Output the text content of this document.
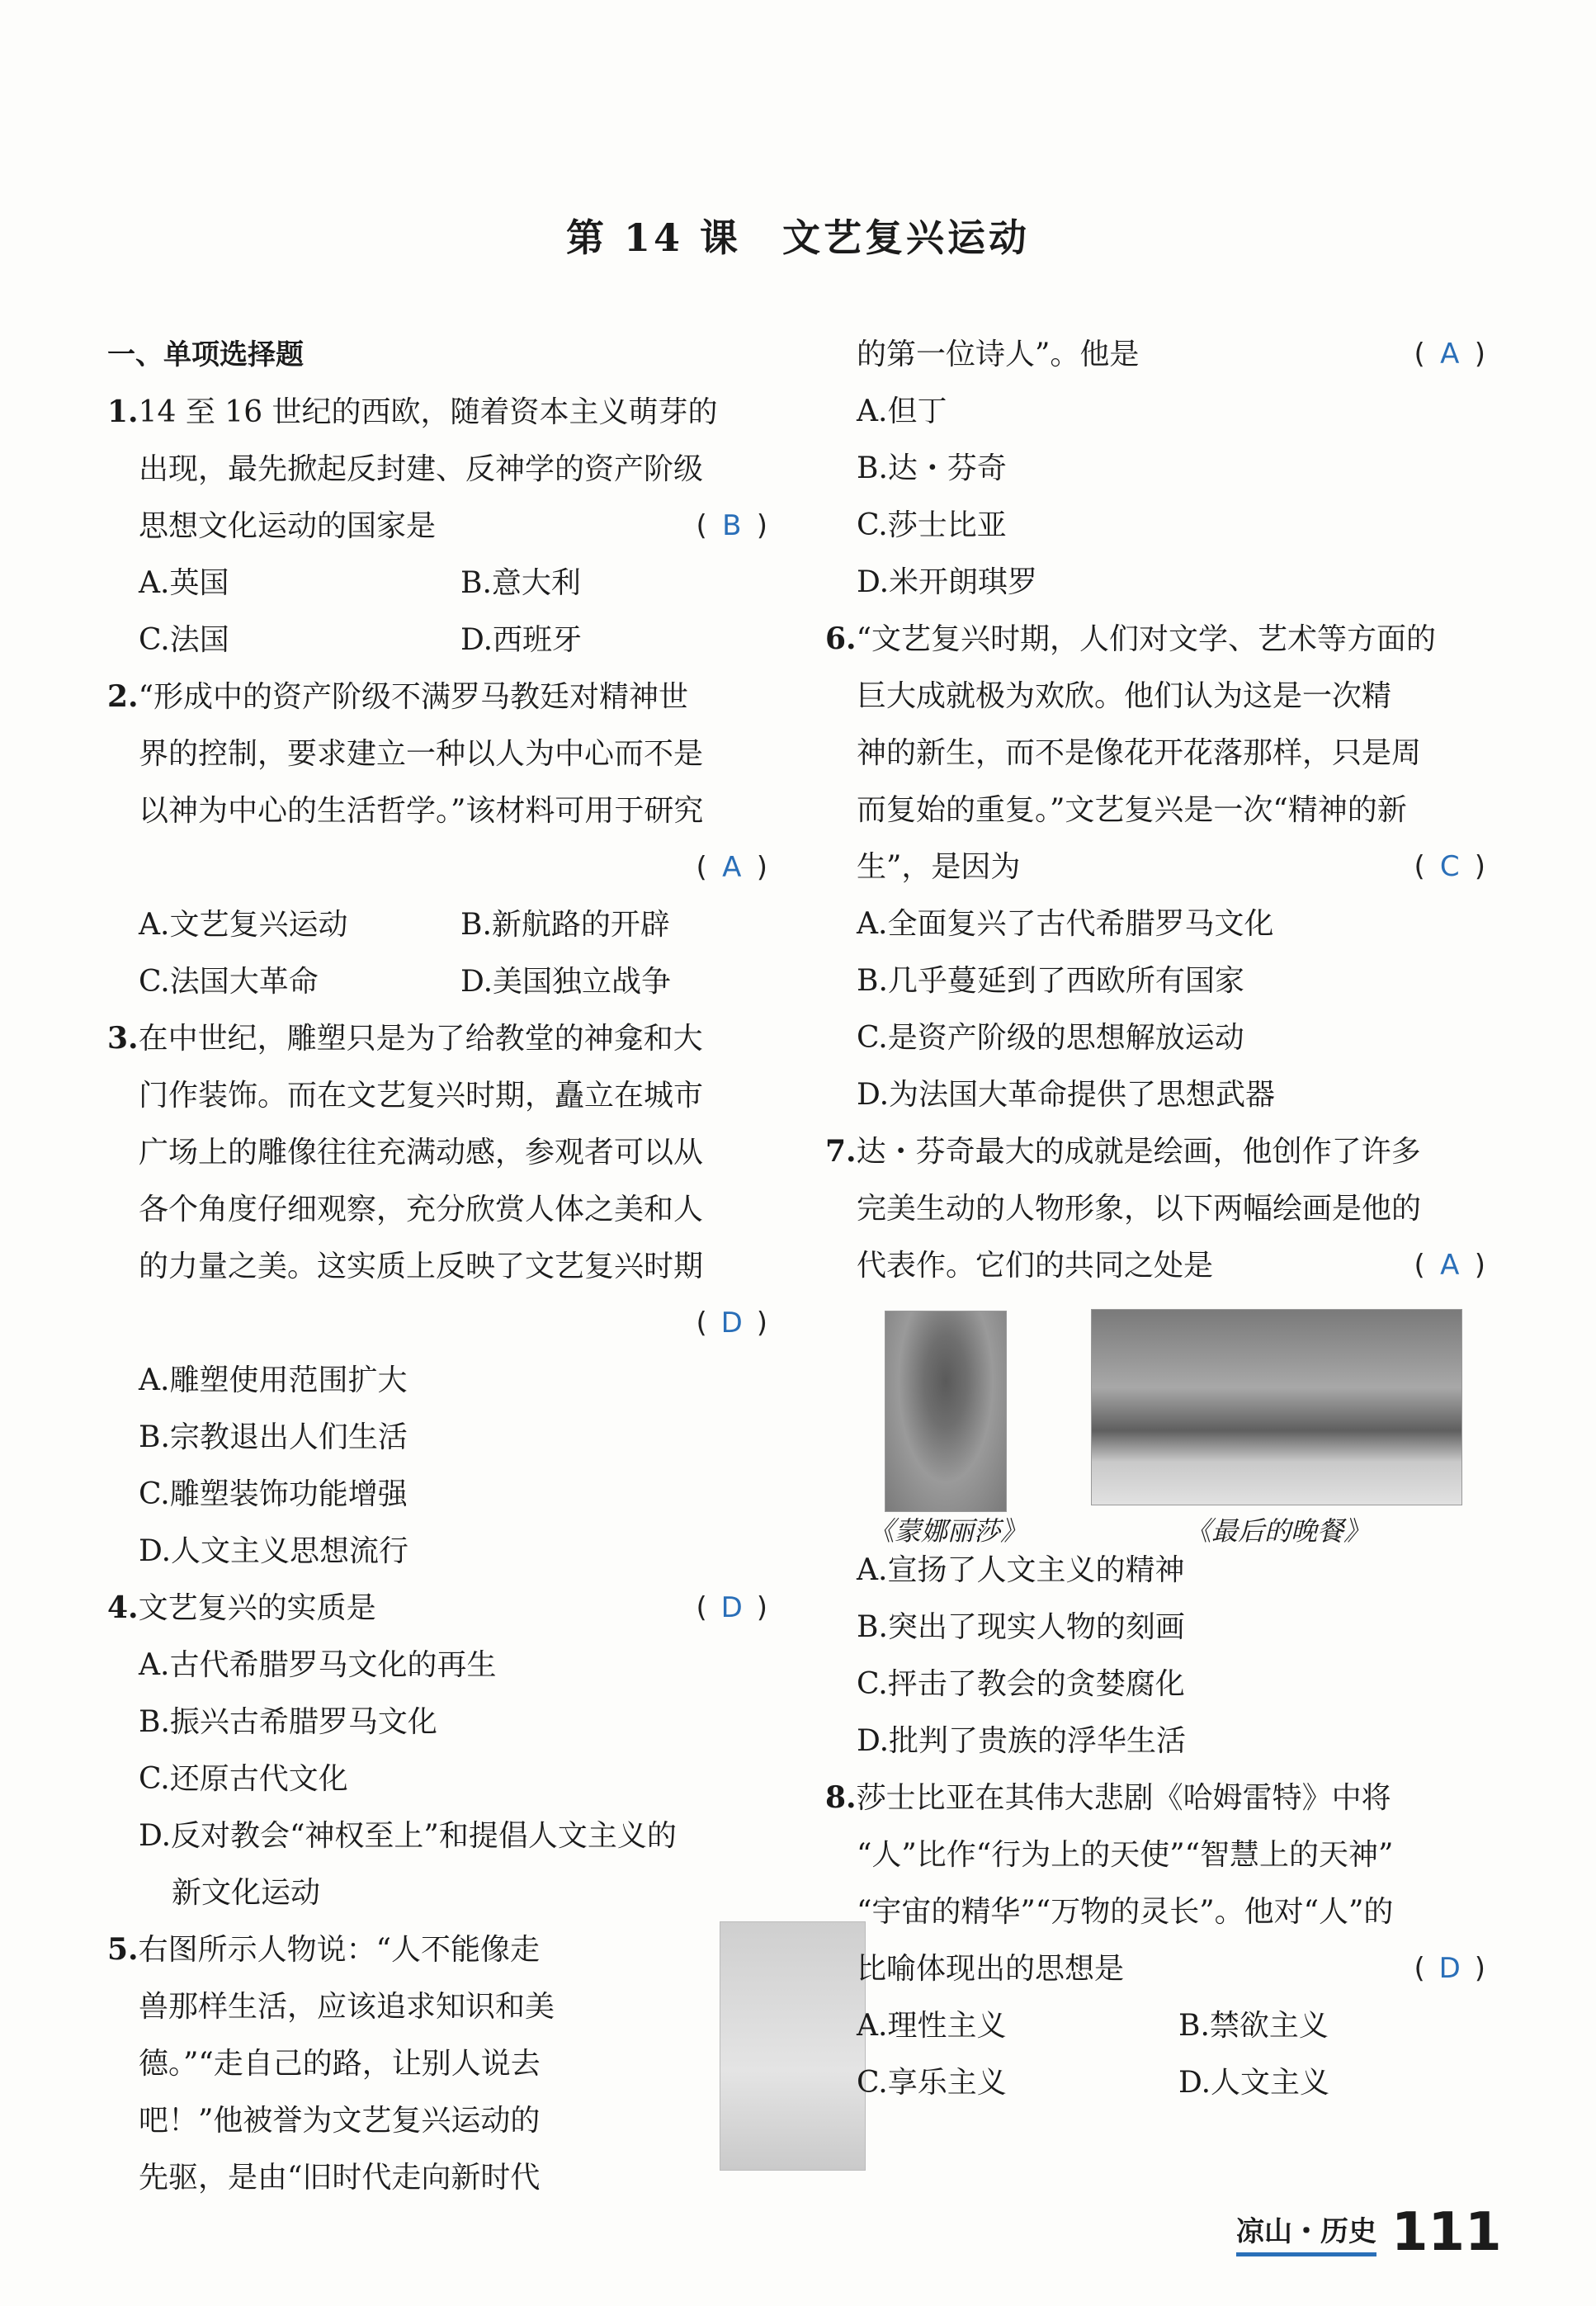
第 14 课　文艺复兴运动
一、单项选择题
1.14 至 16 世纪的西欧，随着资本主义萌芽的
出现，最先掀起反封建、反神学的资产阶级
思想文化运动的国家是	( B )
A.英国	B.意大利
C.法国	D.西班牙
2.“形成中的资产阶级不满罗马教廷对精神世
界的控制，要求建立一种以人为中心而不是
以神为中心的生活哲学。”该材料可用于研究
( A )
A.文艺复兴运动	B.新航路的开辟
C.法国大革命	D.美国独立战争
3.在中世纪，雕塑只是为了给教堂的神龛和大
门作装饰。而在文艺复兴时期，矗立在城市
广场上的雕像往往充满动感，参观者可以从
各个角度仔细观察，充分欣赏人体之美和人
的力量之美。这实质上反映了文艺复兴时期
( D )
A.雕塑使用范围扩大
B.宗教退出人们生活
C.雕塑装饰功能增强
D.人文主义思想流行
4.文艺复兴的实质是	( D )
A.古代希腊罗马文化的再生
B.振兴古希腊罗马文化
C.还原古代文化
D.反对教会“神权至上”和提倡人文主义的
新文化运动
5.右图所示人物说：“人不能像走
兽那样生活，应该追求知识和美
德。”“走自己的路，让别人说去
吧！”他被誉为文艺复兴运动的
先驱，是由“旧时代走向新时代
的第一位诗人”。他是	( A )
A.但丁
B.达・芬奇
C.莎士比亚
D.米开朗琪罗
6.“文艺复兴时期，人们对文学、艺术等方面的
巨大成就极为欢欣。他们认为这是一次精
神的新生，而不是像花开花落那样，只是周
而复始的重复。”文艺复兴是一次“精神的新
生”，是因为	( C )
A.全面复兴了古代希腊罗马文化
B.几乎蔓延到了西欧所有国家
C.是资产阶级的思想解放运动
D.为法国大革命提供了思想武器
7.达・芬奇最大的成就是绘画，他创作了许多
完美生动的人物形象，以下两幅绘画是他的
代表作。它们的共同之处是	( A )
《蒙娜丽莎》	《最后的晚餐》
A.宣扬了人文主义的精神
B.突出了现实人物的刻画
C.抨击了教会的贪婪腐化
D.批判了贵族的浮华生活
8.莎士比亚在其伟大悲剧《哈姆雷特》中将
“人”比作“行为上的天使”“智慧上的天神”
“宇宙的精华”“万物的灵长”。他对“人”的
比喻体现出的思想是	( D )
A.理性主义	B.禁欲主义
C.享乐主义	D.人文主义
凉山・历史 111
